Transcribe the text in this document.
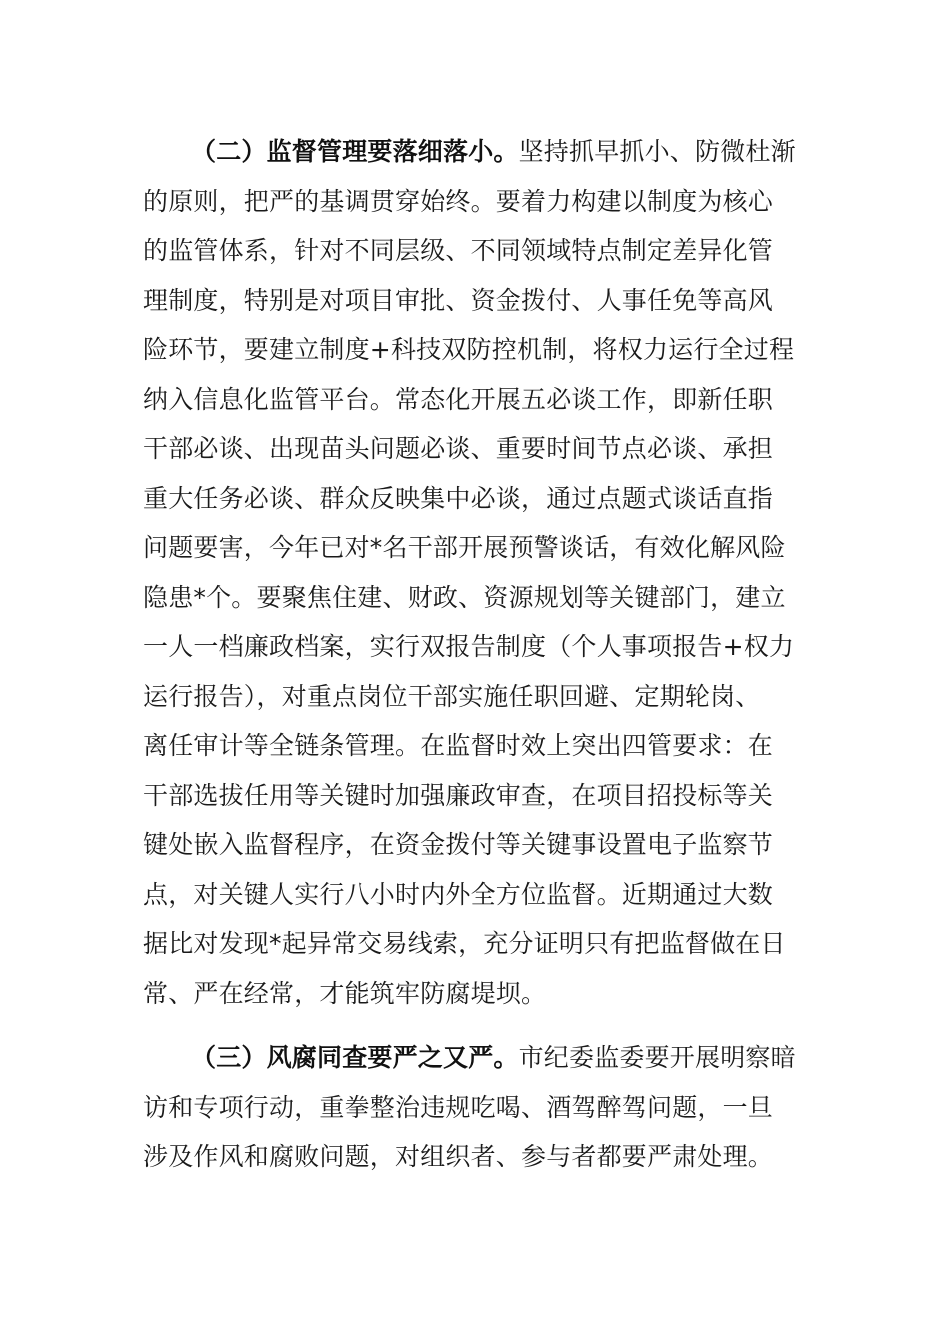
（二）监督管理要落细落小。坚持抓早抓小、防微杜渐
的原则，把严的基调贯穿始终。要着力构建以制度为核心
的监管体系，针对不同层级、不同领域特点制定差异化管
理制度，特别是对项目审批、资金拨付、人事任免等高风
险环节，要建立制度+科技双防控机制，将权力运行全过程
纳入信息化监管平台。常态化开展五必谈工作，即新任职
干部必谈、出现苗头问题必谈、重要时间节点必谈、承担
重大任务必谈、群众反映集中必谈，通过点题式谈话直指
问题要害，今年已对*名干部开展预警谈话，有效化解风险
隐患*个。要聚焦住建、财政、资源规划等关键部门，建立
一人一档廉政档案，实行双报告制度（个人事项报告+权力
运行报告），对重点岗位干部实施任职回避、定期轮岗、
离任审计等全链条管理。在监督时效上突出四管要求：在
干部选拔任用等关键时加强廉政审查，在项目招投标等关
键处嵌入监督程序，在资金拨付等关键事设置电子监察节
点，对关键人实行八小时内外全方位监督。近期通过大数
据比对发现*起异常交易线索，充分证明只有把监督做在日
常、严在经常，才能筑牢防腐堤坝。
（三）风腐同查要严之又严。市纪委监委要开展明察暗
访和专项行动，重拳整治违规吃喝、酒驾醉驾问题，一旦
涉及作风和腐败问题，对组织者、参与者都要严肃处理。
